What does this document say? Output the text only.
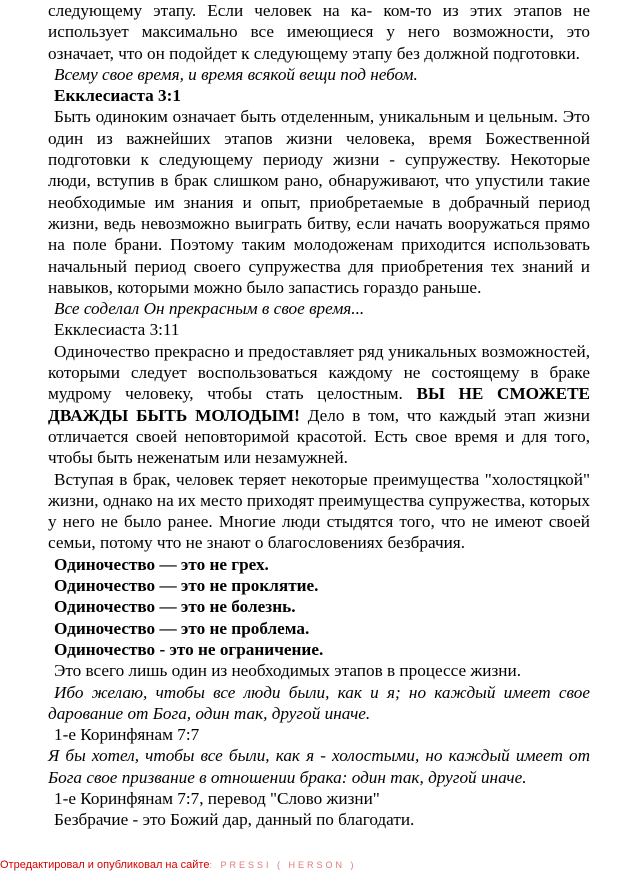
следующему этапу. Если человек на ка- ком-то из этих этапов не использует максимально все имеющиеся у него возможности, это означает, что он подойдет к следующему этапу без должной подготовки.

Всему свое время, и время всякой вещи под небом.

Екклесиаста 3:1

Быть одиноким означает быть отделенным, уникальным и цельным. Это один из важнейших этапов жизни человека, время Божественной подготовки к следующему периоду жизни - супружеству. Некоторые люди, вступив в брак слишком рано, обнаруживают, что упустили такие необходимые им знания и опыт, приобретаемые в добрачный период жизни, ведь невозможно выиграть битву, если начать вооружаться прямо на поле брани. Поэтому таким молодоженам приходится использовать начальный период своего супружества для приобретения тех знаний и навыков, которыми можно было запастись гораздо раньше.

Все соделал Он прекрасным в свое время...

Екклесиаста 3:11

Одиночество прекрасно и предоставляет ряд уникальных возможностей, которыми следует воспользоваться каждому не состоящему в браке мудрому человеку, чтобы стать целостным. ВЫ НЕ СМОЖЕТЕ ДВАЖДЫ БЫТЬ МОЛОДЫМ! Дело в том, что каждый этап жизни отличается своей неповторимой красотой. Есть свое время и для того, чтобы быть неженатым или незамужней.

Вступая в брак, человек теряет некоторые преимущества "холостяцкой" жизни, однако на их место приходят преимущества супружества, которых у него не было ранее. Многие люди стыдятся того, что не имеют своей семьи, потому что не знают о благословениях безбрачия.

Одиночество — это не грех.

Одиночество — это не проклятие.

Одиночество — это не болезнь.

Одиночество — это не проблема.

Одиночество - это не ограничение.

Это всего лишь один из необходимых этапов в процессе жизни.

Ибо желаю, чтобы все люди были, как и я; но каждый имеет свое дарование от Бога, один так, другой иначе.

1-е Коринфянам 7:7

Я бы хотел, чтобы все были, как я - холостыми, но каждый имеет от Бога свое призвание в отношении брака: один так, другой иначе.

1-е Коринфянам 7:7, перевод "Слово жизни"

Безбрачие - это Божий дар, данный по благодати.

Отредактировал и опубликовал на сайте: PRESSI ( HERSON )
